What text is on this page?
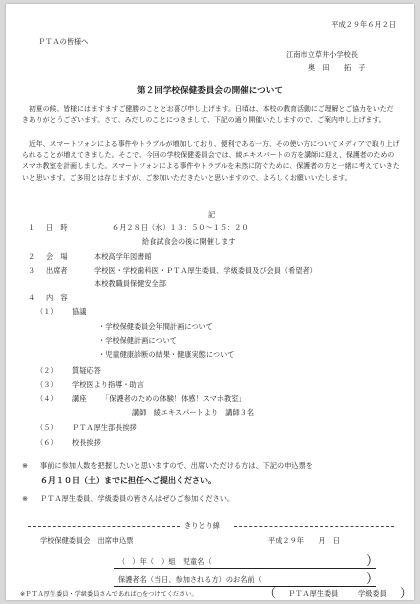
平成２９年６月２日
ＰＴＡの皆様へ
江南市立草井小学校長
奥　田　　拓　子
第２回学校保健委員会の開催について
初夏の候、皆様にはますますご健勝のこととお喜び申し上げます。日頃は、本校の教育活動にご理解とご協力をいただきありがとうございます。さて、みだしのことにつきまして、下記の通り開催いたしますので、ご案内申し上げます。
近年、スマートフォンによる事件やトラブルが増加しており、便利である一方、その使い方についてメディアで取り上げられることが増えてきました。そこで、今回の学校保健委員会では、綾エキスパートの方を講師に迎え、保護者のためのスマホ教室を計画しました。スマートフォンによる事件やトラブルを未然に防ぐために、保護者の方と一緒に考えていきたいと思います。ご多用とは存じますが、ご参加いただきたいと思いますので、よろしくお願いいたします。
記
１ 日　時	６月２８日（水）１３：５０～１５：２０
給食試食会の後に開催します
２ 会　場	本校高学年図書館
３ 出席者	学校医・学校歯科医・ＰＴＡ厚生委員、学級委員及び会員（希望者）
本校教職員保健安全部
４ 内　容
（１） 協議
・学校保健委員会年間計画について
・学校保健計画について
・児童健康診断の結果・健康実態について
（２） 質疑応答
（３） 学校医より指導・助言
（４） 講座 「保護者のための体験！体感！スマホ教室」
講師　綾エキスパートより　講師３名
（５） ＰＴＡ厚生部長挨拶
（６） 校長挨拶
※ 事前に参加人数を把握したいと思いますので、出席いただける方は、下記の申込票を
６月１０日（土）までに担任へご提出ください。
※ ＰＴＡ厚生委員、学級委員の皆さんはぜひご参加ください。
きりとり線
学校保健委員会　出席申込票	平成２９年　　月　日
（　）年（　）組　 児童名（	）
保護者名（当日、参加される方）のお名前（	）
※ＰＴＡ厚生委員・学級委員さんであれば○をつけてください。	（ ＰＴＡ厚生委員	学級委員 ）
